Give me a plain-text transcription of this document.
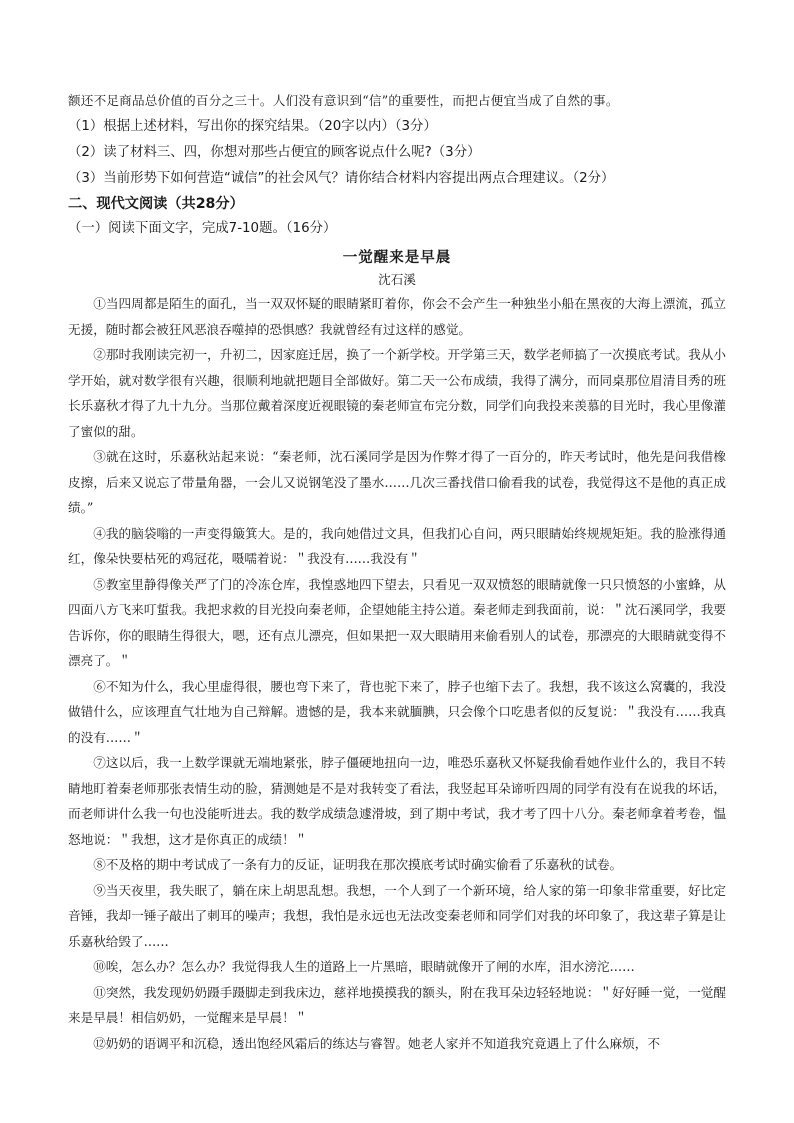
额还不足商品总价值的百分之三十。人们没有意识到“信”的重要性，而把占便宜当成了自然的事。
（1）根据上述材料，写出你的探究结果。（20字以内）（3分）
（2）读了材料三、四，你想对那些占便宜的顾客说点什么呢?（3分）
（3）当前形势下如何营造“诚信”的社会风气？请你结合材料内容提出两点合理建议。（2分）
二、现代文阅读（共28分）
（一）阅读下面文字，完成7-10题。（16分）
一觉醒来是早晨
沈石溪

①当四周都是陌生的面孔，当一双双怀疑的眼睛紧盯着你，你会不会产生一种独坐小船在黑夜的大海上漂流，孤立无援，随时都会被狂风恶浪吞噬掉的恐惧感？我就曾经有过这样的感觉。

②那时我刚读完初一，升初二，因家庭迁居，换了一个新学校。开学第三天，数学老师搞了一次摸底考试。我从小学开始，就对数学很有兴趣，很顺利地就把题目全部做好。第二天一公布成绩，我得了满分，而同桌那位眉清目秀的班长乐嘉秋才得了九十九分。当那位戴着深度近视眼镜的秦老师宣布完分数，同学们向我投来羡慕的目光时，我心里像灌了蜜似的甜。

③就在这时，乐嘉秋站起来说：“秦老师，沈石溪同学是因为作弊才得了一百分的，昨天考试时，他先是问我借橡皮擦，后来又说忘了带量角器，一会儿又说钢笔没了墨水……几次三番找借口偷看我的试卷，我觉得这不是他的真正成绩。”

④我的脑袋嗡的一声变得簸箕大。是的，我向她借过文具，但我扪心自问，两只眼睛始终规规矩矩。我的脸涨得通红，像朵快要枯死的鸡冠花，嗫嚅着说：＂我没有……我没有＂

⑤教室里静得像关严了门的冷冻仓库，我惶惑地四下望去，只看见一双双愤怒的眼睛就像一只只愤怒的小蜜蜂，从四面八方飞来叮蜇我。我把求救的目光投向秦老师，企望她能主持公道。秦老师走到我面前，说：＂沈石溪同学，我要告诉你，你的眼睛生得很大，嗯，还有点儿漂亮，但如果把一双大眼睛用来偷看别人的试卷，那漂亮的大眼睛就变得不漂亮了。＂

⑥不知为什么，我心里虚得很，腰也弯下来了，背也驼下来了，脖子也缩下去了。我想，我不该这么窝囊的，我没做错什么，应该理直气壮地为自己辩解。遗憾的是，我本来就腼腆，只会像个口吃患者似的反复说：＂我没有……我真的没有……＂

⑦这以后，我一上数学课就无端地紧张，脖子僵硬地扭向一边，唯恐乐嘉秋又怀疑我偷看她作业什么的，我目不转睛地盯着秦老师那张表情生动的脸，猜测她是不是对我转变了看法，我竖起耳朵谛听四周的同学有没有在说我的坏话，而老师讲什么我一句也没能听进去。我的数学成绩急遽滑坡，到了期中考试，我才考了四十八分。秦老师拿着考卷，愠怒地说：＂我想，这才是你真正的成绩！＂

⑧不及格的期中考试成了一条有力的反证，证明我在那次摸底考试时确实偷看了乐嘉秋的试卷。

⑨当天夜里，我失眠了，躺在床上胡思乱想。我想，一个人到了一个新环境，给人家的第一印象非常重要，好比定音锤，我却一锤子敲出了刺耳的噪声；我想，我怕是永远也无法改变秦老师和同学们对我的坏印象了，我这辈子算是让乐嘉秋给毁了……

⑩唉，怎么办？怎么办？我觉得我人生的道路上一片黑暗，眼睛就像开了闸的水库，泪水滂沱……

⑪突然，我发现奶奶蹑手蹑脚走到我床边，慈祥地摸摸我的额头，附在我耳朵边轻轻地说：＂好好睡一觉，一觉醒来是早晨！相信奶奶，一觉醒来是早晨！＂

⑫奶奶的语调平和沉稳，透出饱经风霜后的练达与睿智。她老人家并不知道我究竟遇上了什么麻烦，不
